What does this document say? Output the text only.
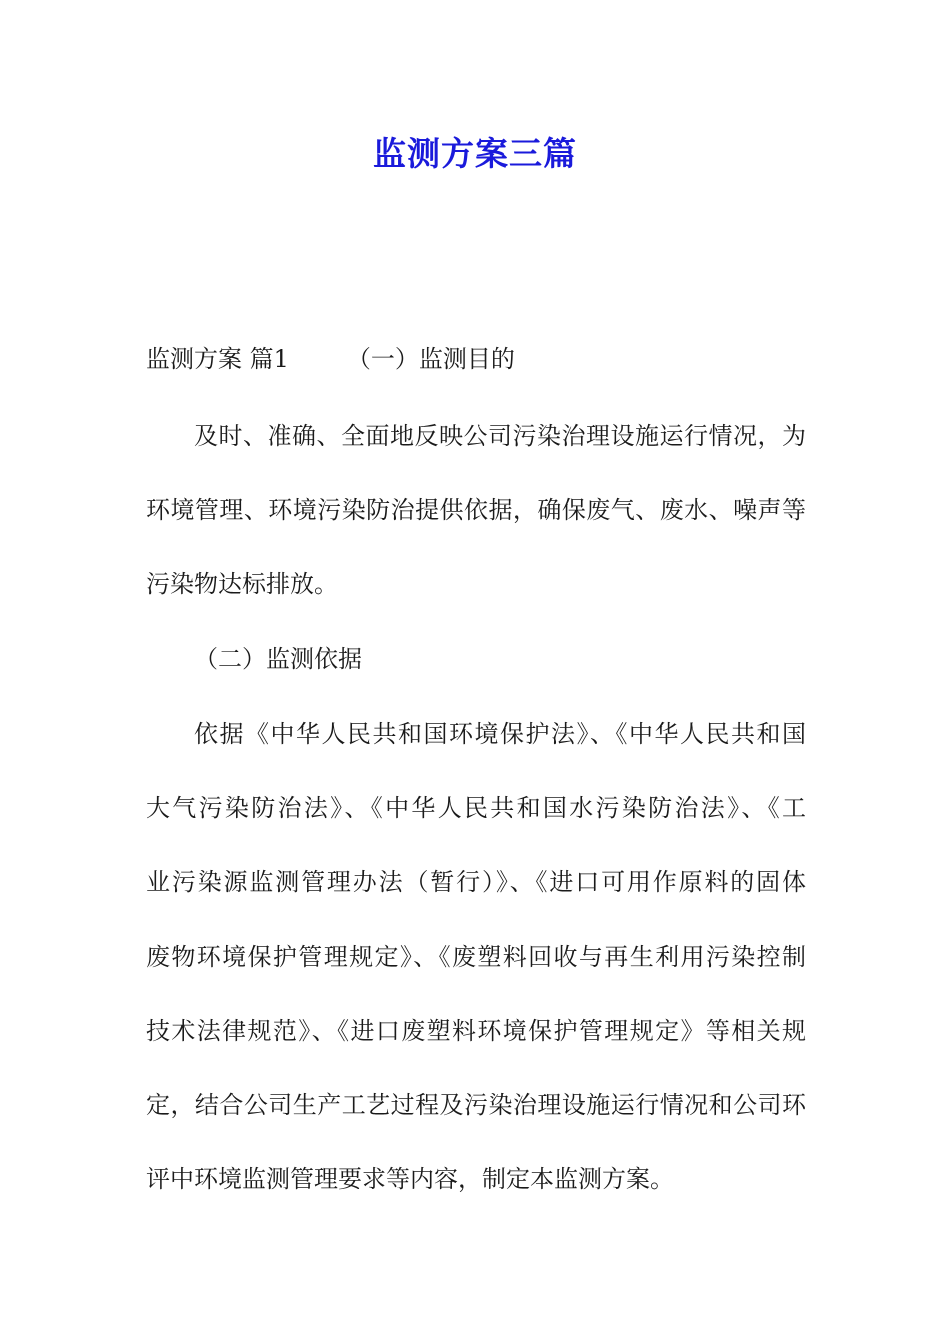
监测方案三篇
监测方案 篇1 （一）监测目的

及时、准确、全面地反映公司污染治理设施运行情况，为

环境管理、环境污染防治提供依据，确保废气、废水、噪声等

污染物达标排放。

（二）监测依据

依据《中华人民共和国环境保护法》、《中华人民共和国

大气污染防治法》、《中华人民共和国水污染防治法》、《工

业污染源监测管理办法（暂行）》、《进口可用作原料的固体

废物环境保护管理规定》、《废塑料回收与再生利用污染控制

技术法律规范》、《进口废塑料环境保护管理规定》等相关规

定，结合公司生产工艺过程及污染治理设施运行情况和公司环

评中环境监测管理要求等内容，制定本监测方案。
